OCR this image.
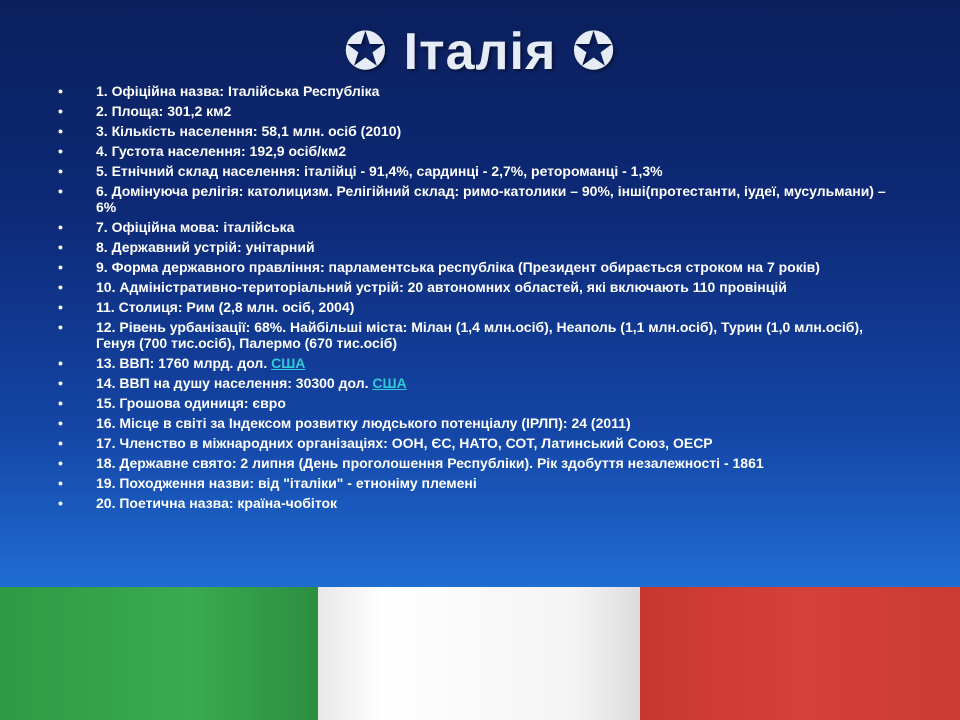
✪ Італія ✪
• 1. Офіційна назва: Італійська Республіка
• 2. Площа: 301,2 км2
• 3. Кількість населення: 58,1 млн. осіб (2010)
• 4. Густота населення: 192,9 осіб/км2
• 5. Етнічний склад населення: італійці - 91,4%, сардинці - 2,7%, ретороманці - 1,3%
• 6. Домінуюча релігія: католицизм. Релігійний склад: римо-католики – 90%, інші(протестанти, іудеї, мусульмани) – 6%
• 7. Офіційна мова: італійська
• 8. Державний устрій: унітарний
• 9. Форма державного правління: парламентська республіка (Президент обирається строком на 7 років)
• 10. Адміністративно-територіальний устрій: 20 автономних областей, які включають 110 провінцій
• 11. Столиця: Рим (2,8 млн. осіб, 2004)
• 12. Рівень урбанізації: 68%. Найбільші міста: Мілан (1,4 млн.осіб), Неаполь (1,1 млн.осіб), Турин (1,0 млн.осіб), Генуя (700 тис.осіб), Палермо (670 тис.осіб)
• 13. ВВП: 1760 млрд. дол. США
• 14. ВВП на душу населення: 30300 дол. США
• 15. Грошова одиниця: євро
• 16. Місце в світі за Індексом розвитку людського потенціалу (ІРЛП): 24 (2011)
• 17. Членство в міжнародних організаціях: ООН, ЄС, НАТО, СОТ, Латинський Союз, ОЕСР
• 18. Державне свято: 2 липня (День проголошення Республіки). Рік здобуття незалежності - 1861
• 19. Походження назви: від "італіки" - етноніму племені
• 20. Поетична назва: країна-чобіток
